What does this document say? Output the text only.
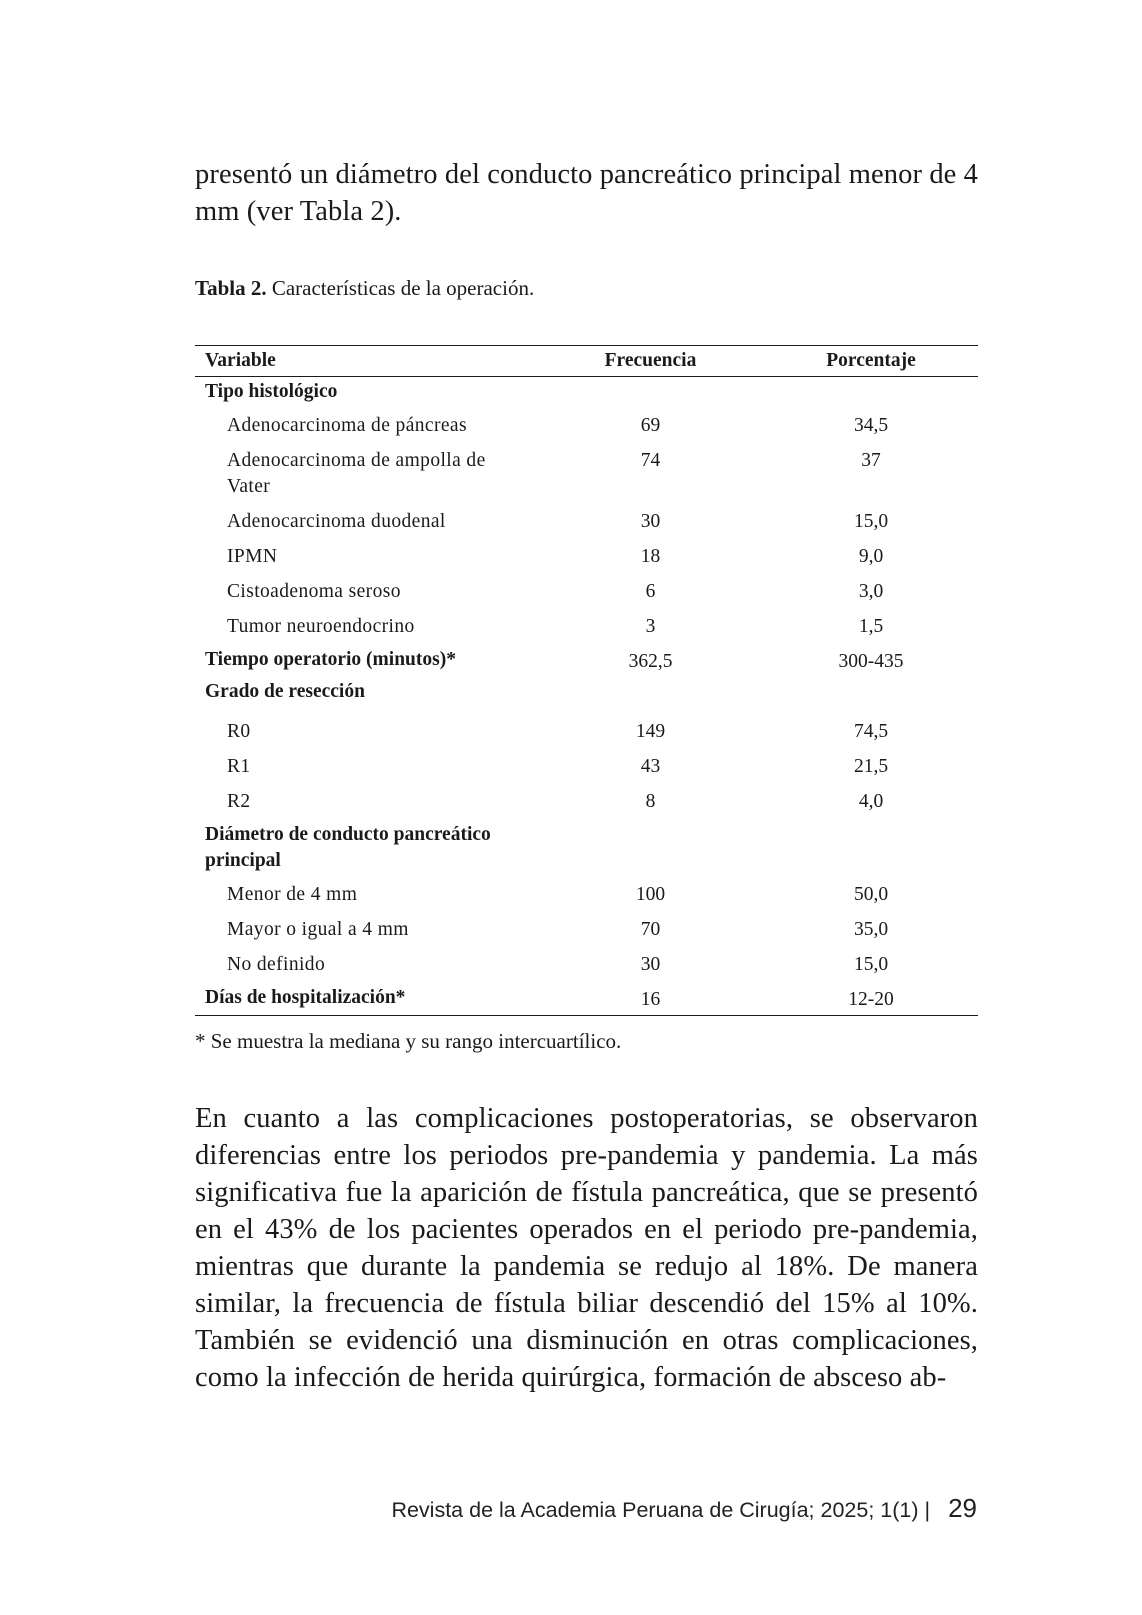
presentó un diámetro del conducto pancreático principal menor de 4 mm (ver Tabla 2).

Tabla 2. Características de la operación.

Variable	Frecuencia	Porcentaje
Tipo histológico		
Adenocarcinoma de páncreas	69	34,5
Adenocarcinoma de ampolla de Vater	74	37
Adenocarcinoma duodenal	30	15,0
IPMN	18	9,0
Cistoadenoma seroso	6	3,0
Tumor neuroendocrino	3	1,5
Tiempo operatorio (minutos)*	362,5	300-435
Grado de resección		
R0	149	74,5
R1	43	21,5
R2	8	4,0
Diámetro de conducto pancreático principal		
Menor de 4 mm	100	50,0
Mayor o igual a 4 mm	70	35,0
No definido	30	15,0
Días de hospitalización*	16	12-20

* Se muestra la mediana y su rango intercuartílico.

En cuanto a las complicaciones postoperatorias, se observaron diferencias entre los periodos pre-pandemia y pandemia. La más significativa fue la aparición de fístula pancreática, que se presentó en el 43% de los pacientes operados en el periodo pre-pandemia, mientras que durante la pandemia se redujo al 18%. De manera similar, la frecuencia de fístula biliar descendió del 15% al 10%. También se evidenció una disminución en otras complicaciones, como la infección de herida quirúrgica, formación de absceso ab-

Revista de la Academia Peruana de Cirugía; 2025; 1(1) | 29
